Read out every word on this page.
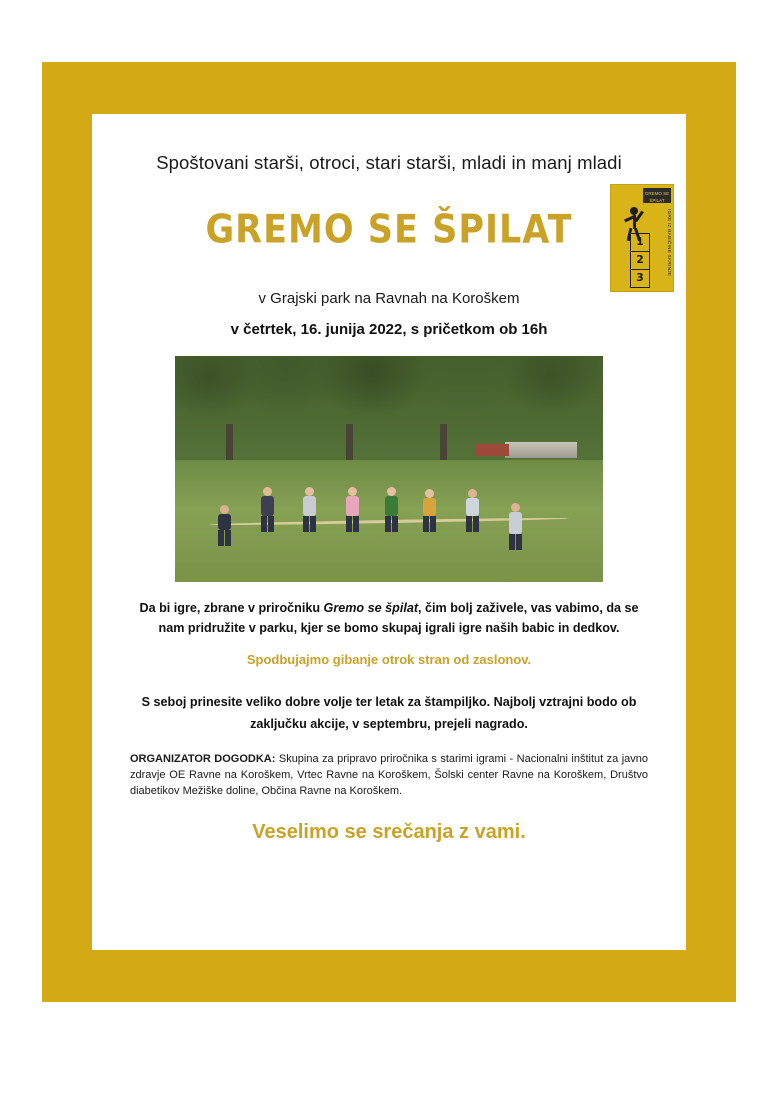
Spoštovani starši, otroci, stari starši, mladi in manj mladi
GREMO SE ŠPILAT
1
2
3
IGRE IZ BABIČINE SKRINJE
GREMO SE ŠPILAT
v Grajski park na Ravnah na Koroškem
v četrtek, 16. junija 2022, s pričetkom ob 16h
Da bi igre, zbrane v priročniku Gremo se špilat, čim bolj zaživele, vas vabimo, da se nam pridružite v parku, kjer se bomo skupaj igrali igre naših babic in dedkov.
Spodbujajmo gibanje otrok stran od zaslonov.
S seboj prinesite veliko dobre volje ter letak za štampiljko. Najbolj vztrajni bodo ob zaključku akcije, v septembru, prejeli nagrado.
ORGANIZATOR DOGODKA: Skupina za pripravo priročnika s starimi igrami - Nacionalni inštitut za javno zdravje OE Ravne na Koroškem, Vrtec Ravne na Koroškem, Šolski center Ravne na Koroškem, Društvo diabetikov Mežiške doline, Občina Ravne na Koroškem.
Veselimo se srečanja z vami.
